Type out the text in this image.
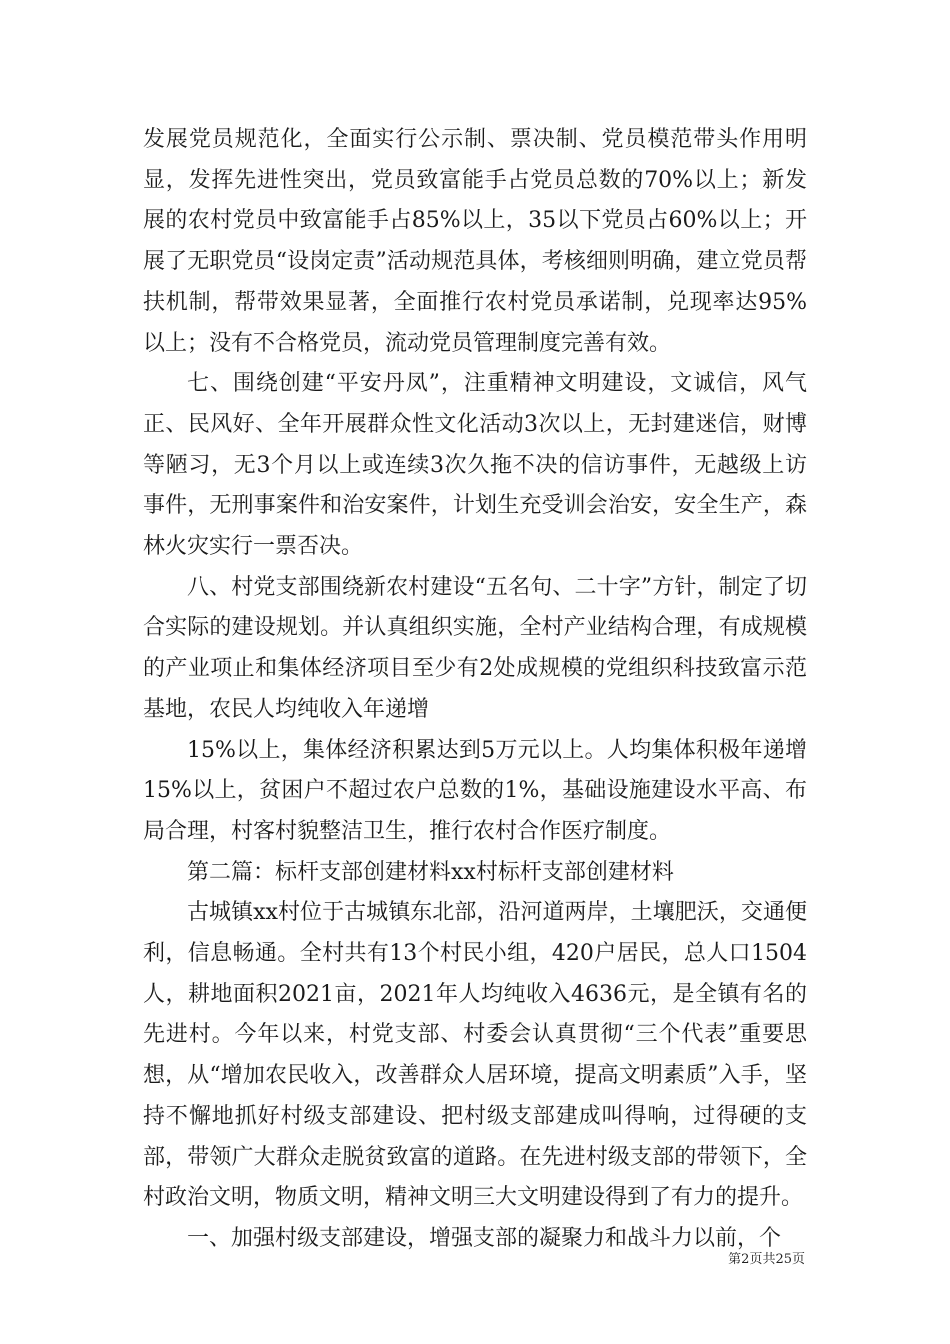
发展党员规范化，全面实行公示制、票决制、党员模范带头作用明显，发挥先进性突出，党员致富能手占党员总数的70%以上；新发展的农村党员中致富能手占85%以上，35以下党员占60%以上；开展了无职党员“设岗定责”活动规范具体，考核细则明确，建立党员帮扶机制，帮带效果显著，全面推行农村党员承诺制，兑现率达95%以上；没有不合格党员，流动党员管理制度完善有效。

七、围绕创建“平安丹凤”，注重精神文明建设，文诚信，风气正、民风好、全年开展群众性文化活动3次以上，无封建迷信，财博等陋习，无3个月以上或连续3次久拖不决的信访事件，无越级上访事件，无刑事案件和治安案件，计划生充受训会治安，安全生产，森林火灾实行一票否决。

八、村党支部围绕新农村建设“五名句、二十字”方针，制定了切合实际的建设规划。并认真组织实施，全村产业结构合理，有成规模的产业项止和集体经济项目至少有2处成规模的党组织科技致富示范基地，农民人均纯收入年递增

15%以上，集体经济积累达到5万元以上。人均集体积极年递增15%以上，贫困户不超过农户总数的1%，基础设施建设水平高、布局合理，村客村貌整洁卫生，推行农村合作医疗制度。

第二篇：标杆支部创建材料xx村标杆支部创建材料

古城镇xx村位于古城镇东北部，沿河道两岸，土壤肥沃，交通便利，信息畅通。全村共有13个村民小组，420户居民，总人口1504人，耕地面积2021亩，2021年人均纯收入4636元，是全镇有名的先进村。今年以来，村党支部、村委会认真贯彻“三个代表”重要思想，从“增加农民收入，改善群众人居环境，提高文明素质”入手，坚持不懈地抓好村级支部建设、把村级支部建成叫得响，过得硬的支部，带领广大群众走脱贫致富的道路。在先进村级支部的带领下，全村政治文明，物质文明，精神文明三大文明建设得到了有力的提升。

一、加强村级支部建设，增强支部的凝聚力和战斗力以前，个

第2页共25页
